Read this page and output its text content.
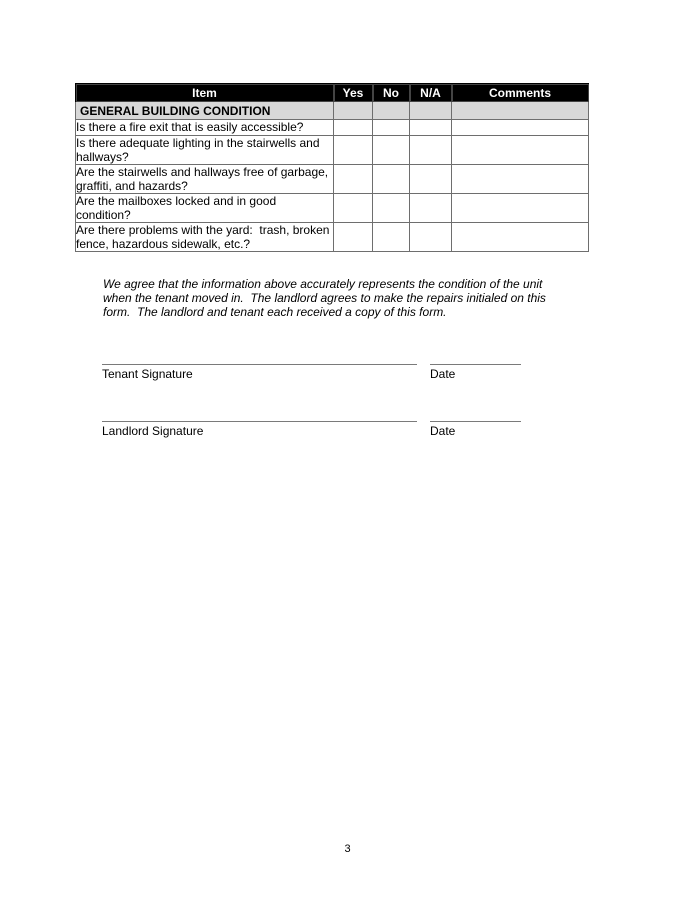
Item	Yes	No	N/A	Comments
GENERAL BUILDING CONDITION				
Is there a fire exit that is easily accessible?				
Is there adequate lighting in the stairwells and hallways?				
Are the stairwells and hallways free of garbage, graffiti, and hazards?				
Are the mailboxes locked and in good condition?				
Are there problems with the yard:  trash, broken fence, hazardous sidewalk, etc.?				
We agree that the information above accurately represents the condition of the unit when the tenant moved in.  The landlord agrees to make the repairs initialed on this form.  The landlord and tenant each received a copy of this form.
Tenant Signature	Date
Landlord Signature	Date
3
